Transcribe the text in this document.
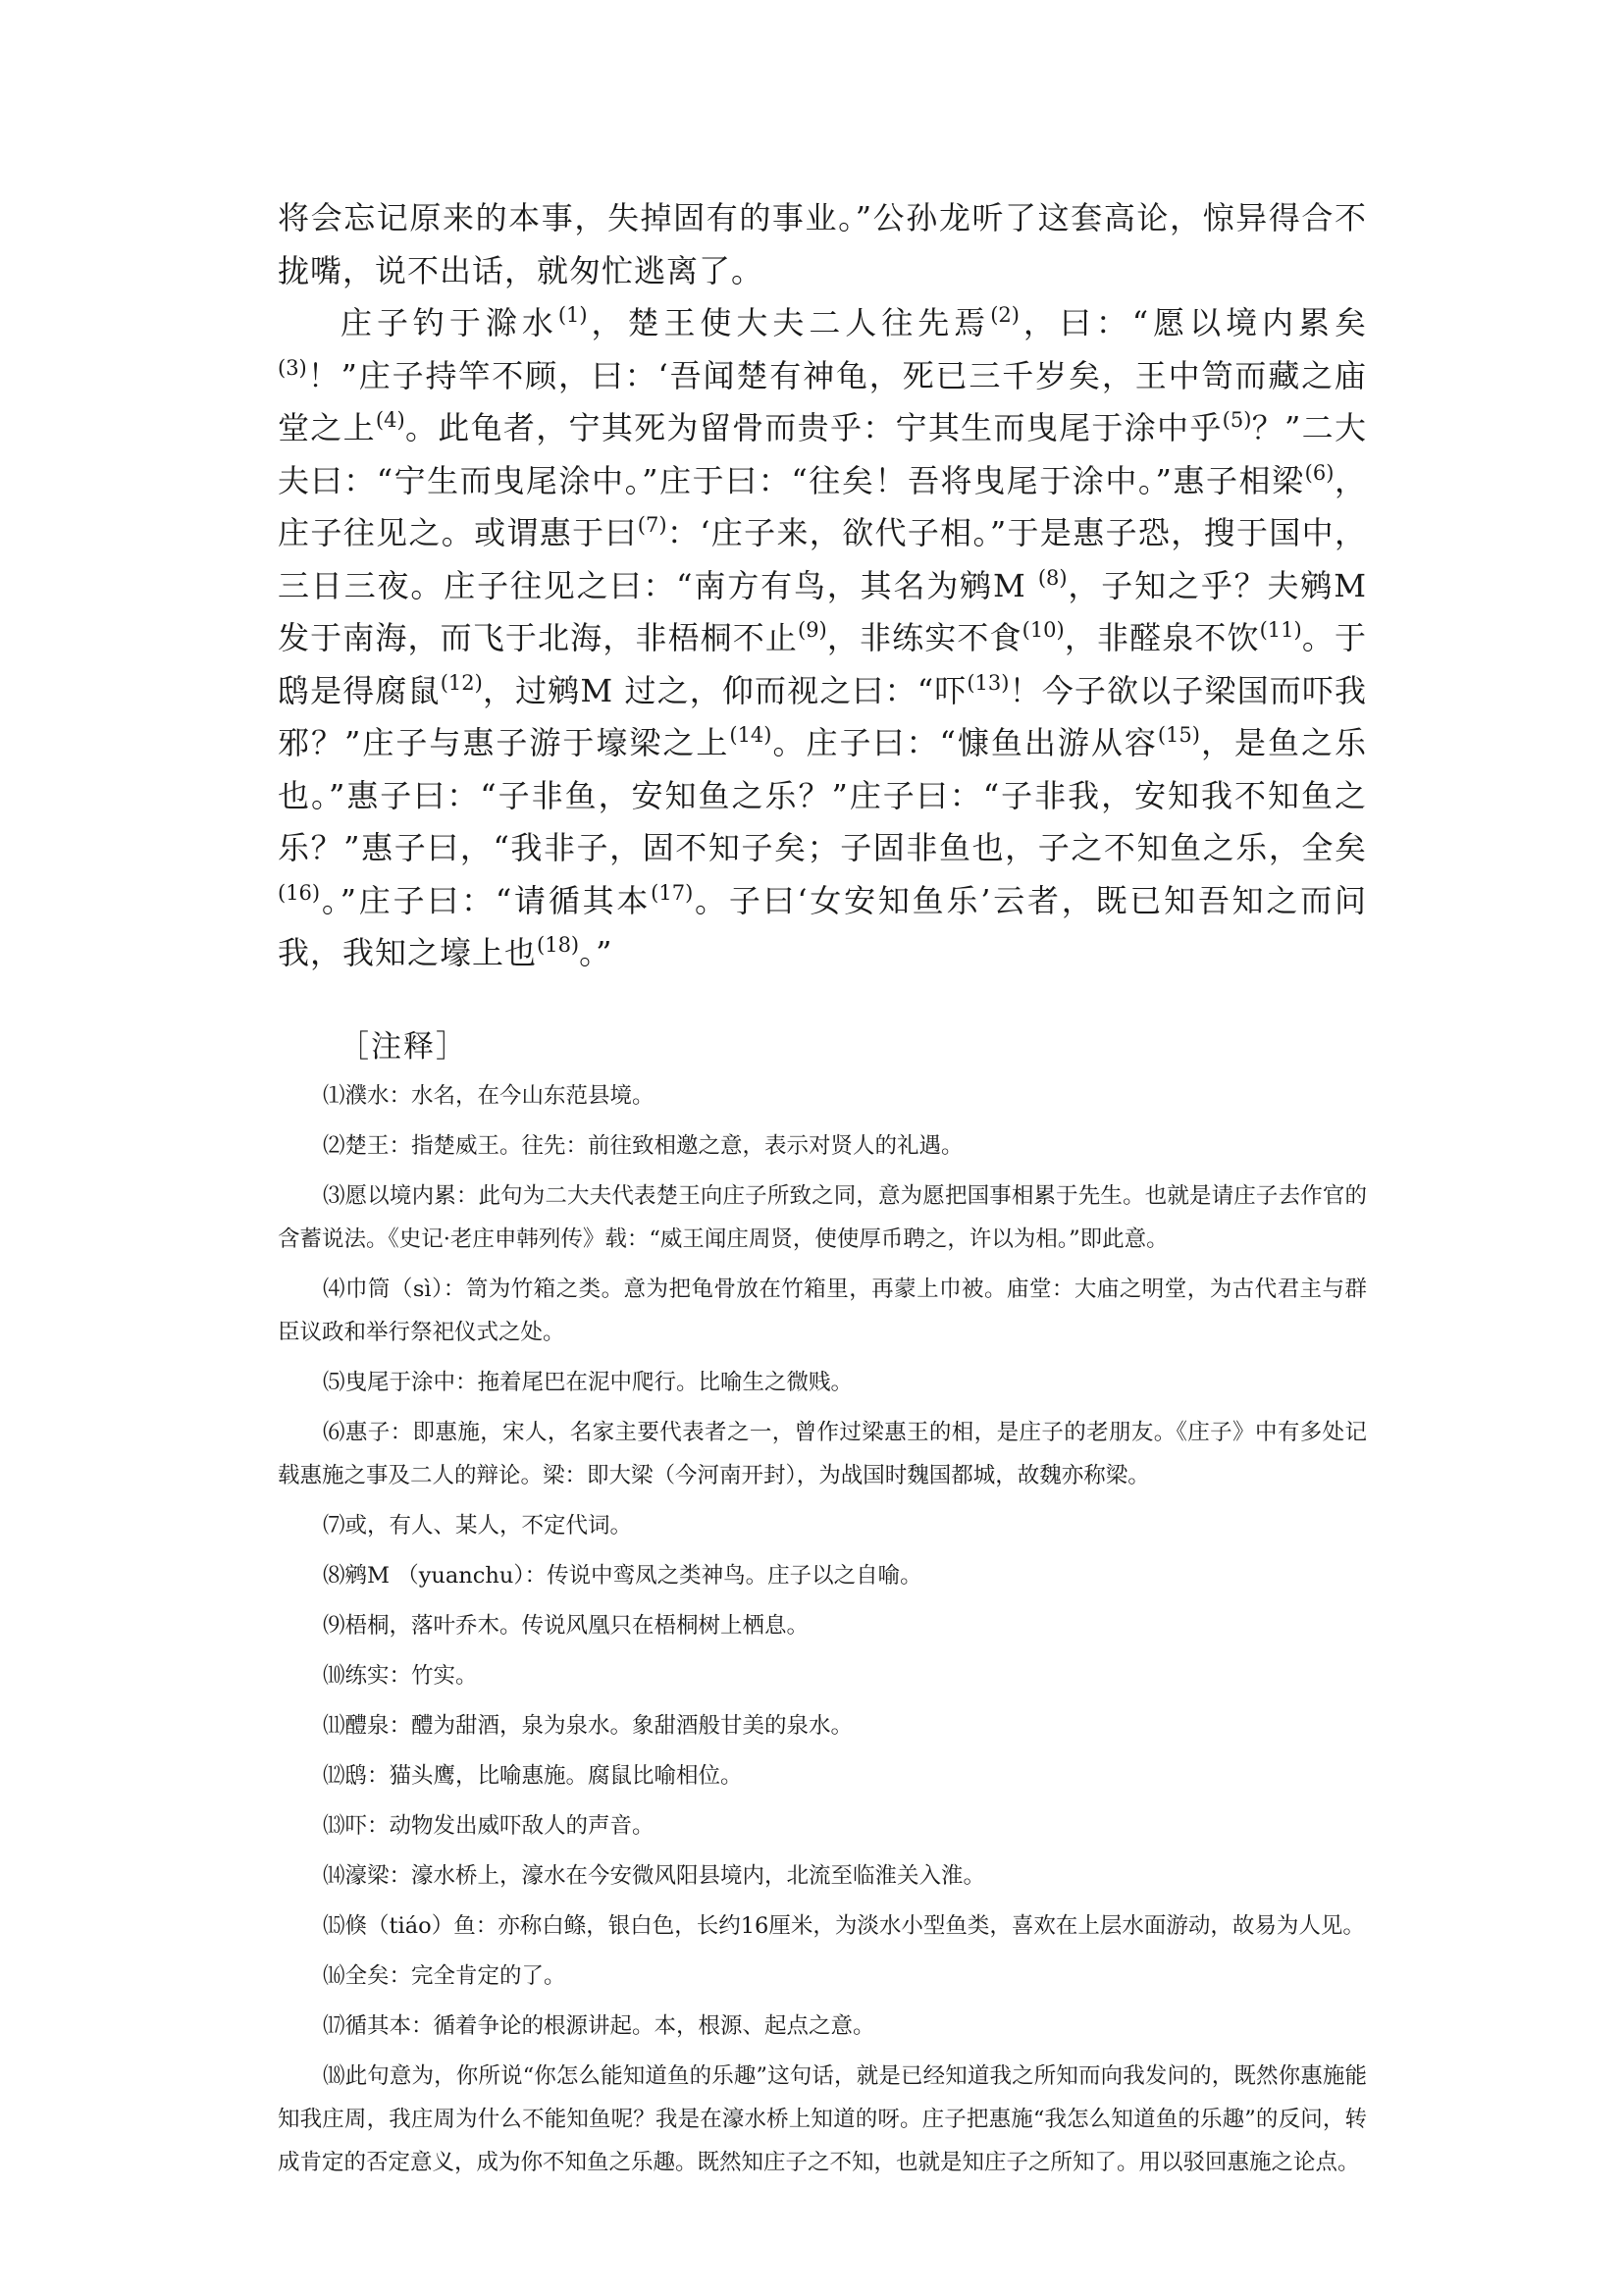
将会忘记原来的本事，失掉固有的事业。”公孙龙听了这套高论，惊异得合不拢嘴，说不出话，就匆忙逃离了。

庄子钓于滁水$^{(1)}$，楚王使大夫二人往先焉$^{(2)}$，曰：“愿以境内累矣$^{(3)}$！”庄子持竿不顾，曰：‘吾闻楚有神龟，死已三千岁矣，王中笥而藏之庙堂之上$^{(4)}$。此龟者，宁其死为留骨而贵乎：宁其生而曳尾于涂中乎$^{(5)}$？”二大夫曰：“宁生而曳尾涂中。”庄于曰：“往矣！吾将曳尾于涂中。”惠子相梁$^{(6)}$，庄子往见之。或谓惠于曰$^{(7)}$：‘庄子来，欲代子相。”于是惠子恐，搜于国中，三日三夜。庄子往见之曰：“南方有鸟，其名为鹓M $^{(8)}$，子知之乎？夫鹓M 发于南海，而飞于北海，非梧桐不止$^{(9)}$，非练实不食$^{(10)}$，非醛泉不饮$^{(11)}$。于鸱是得腐鼠$^{(12)}$，过鹓M 过之，仰而视之曰：“吓$^{(13)}$！今子欲以子梁国而吓我邪？”庄子与惠子游于壕梁之上$^{(14)}$。庄子曰：“慷鱼出游从容$^{(15)}$，是鱼之乐也。”惠子曰：“子非鱼，安知鱼之乐？”庄子曰：“子非我，安知我不知鱼之乐？”惠子曰，“我非子，固不知子矣；子固非鱼也，子之不知鱼之乐，全矣$^{(16)}$。”庄子曰：“请循其本$^{(17)}$。子曰‘女安知鱼乐’云者，既已知吾知之而问我，我知之壕上也$^{(18)}$。”

［注释］

⑴濮水：水名，在今山东范县境。

⑵楚王：指楚威王。往先：前往致相邀之意，表示对贤人的礼遇。

⑶愿以境内累：此句为二大夫代表楚王向庄子所致之同，意为愿把国事相累于先生。也就是请庄子去作官的含蓄说法。《史记·老庄申韩列传》载：“威王闻庄周贤，使使厚币聘之，许以为相。”即此意。

⑷巾筒（sì）：笥为竹箱之类。意为把龟骨放在竹箱里，再蒙上巾被。庙堂：大庙之明堂，为古代君主与群臣议政和举行祭祀仪式之处。

⑸曳尾于涂中：拖着尾巴在泥中爬行。比喻生之微贱。

⑹惠子：即惠施，宋人，名家主要代表者之一，曾作过梁惠王的相，是庄子的老朋友。《庄子》中有多处记载惠施之事及二人的辩论。梁：即大梁（今河南开封），为战国时魏国都城，故魏亦称梁。

⑺或，有人、某人，不定代词。

⑻鹓M （yuanchu）：传说中鸾凤之类神鸟。庄子以之自喻。

⑼梧桐，落叶乔木。传说风凰只在梧桐树上栖息。

⑽练实：竹实。

⑾醴泉：醴为甜酒，泉为泉水。象甜酒般甘美的泉水。

⑿鸱：猫头鹰，比喻惠施。腐鼠比喻相位。

⒀吓：动物发出威吓敌人的声音。

⒁濠梁：濠水桥上，濠水在今安微风阳县境内，北流至临淮关入淮。

⒂倏（tiáo）鱼：亦称白鲦，银白色，长约16厘米，为淡水小型鱼类，喜欢在上层水面游动，故易为人见。

⒃全矣：完全肯定的了。

⒄循其本：循着争论的根源讲起。本，根源、起点之意。

⒅此句意为，你所说“你怎么能知道鱼的乐趣”这句话，就是已经知道我之所知而向我发问的，既然你惠施能知我庄周，我庄周为什么不能知鱼呢？我是在濠水桥上知道的呀。庄子把惠施“我怎么知道鱼的乐趣”的反问，转成肯定的否定意义，成为你不知鱼之乐趣。既然知庄子之不知，也就是知庄子之所知了。用以驳回惠施之论点。
